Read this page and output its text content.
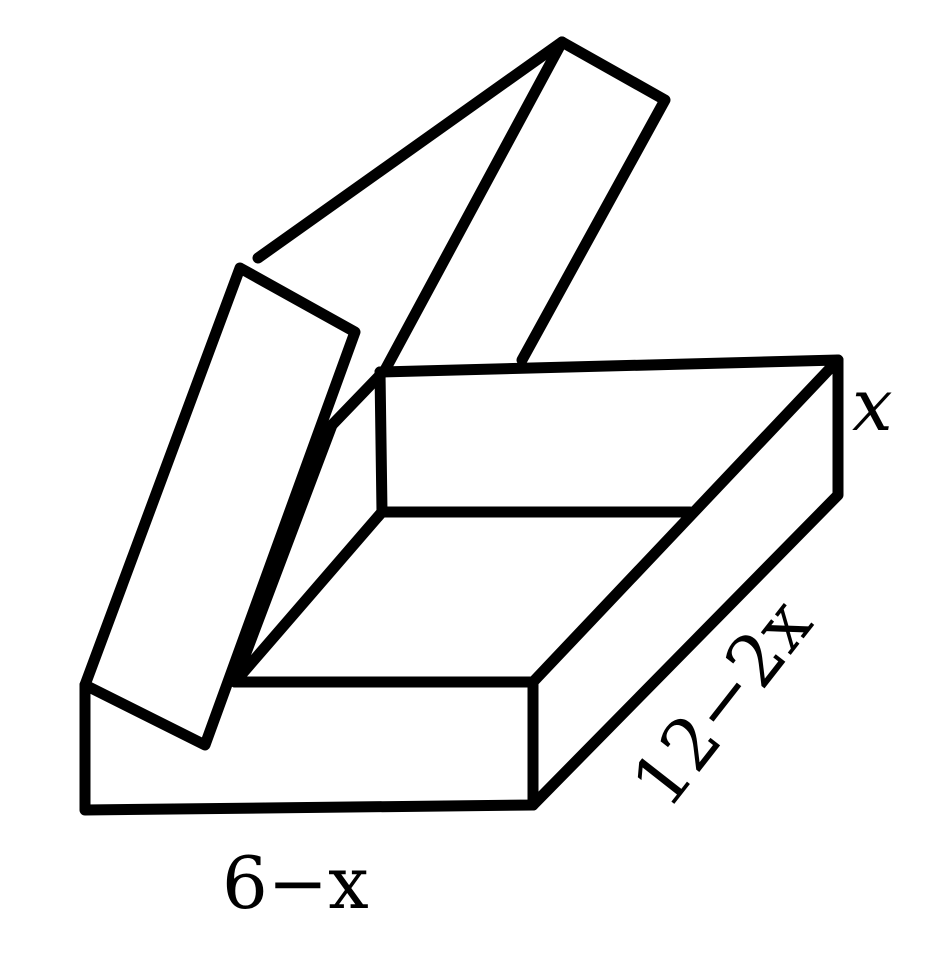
x
12−2x
6−x
